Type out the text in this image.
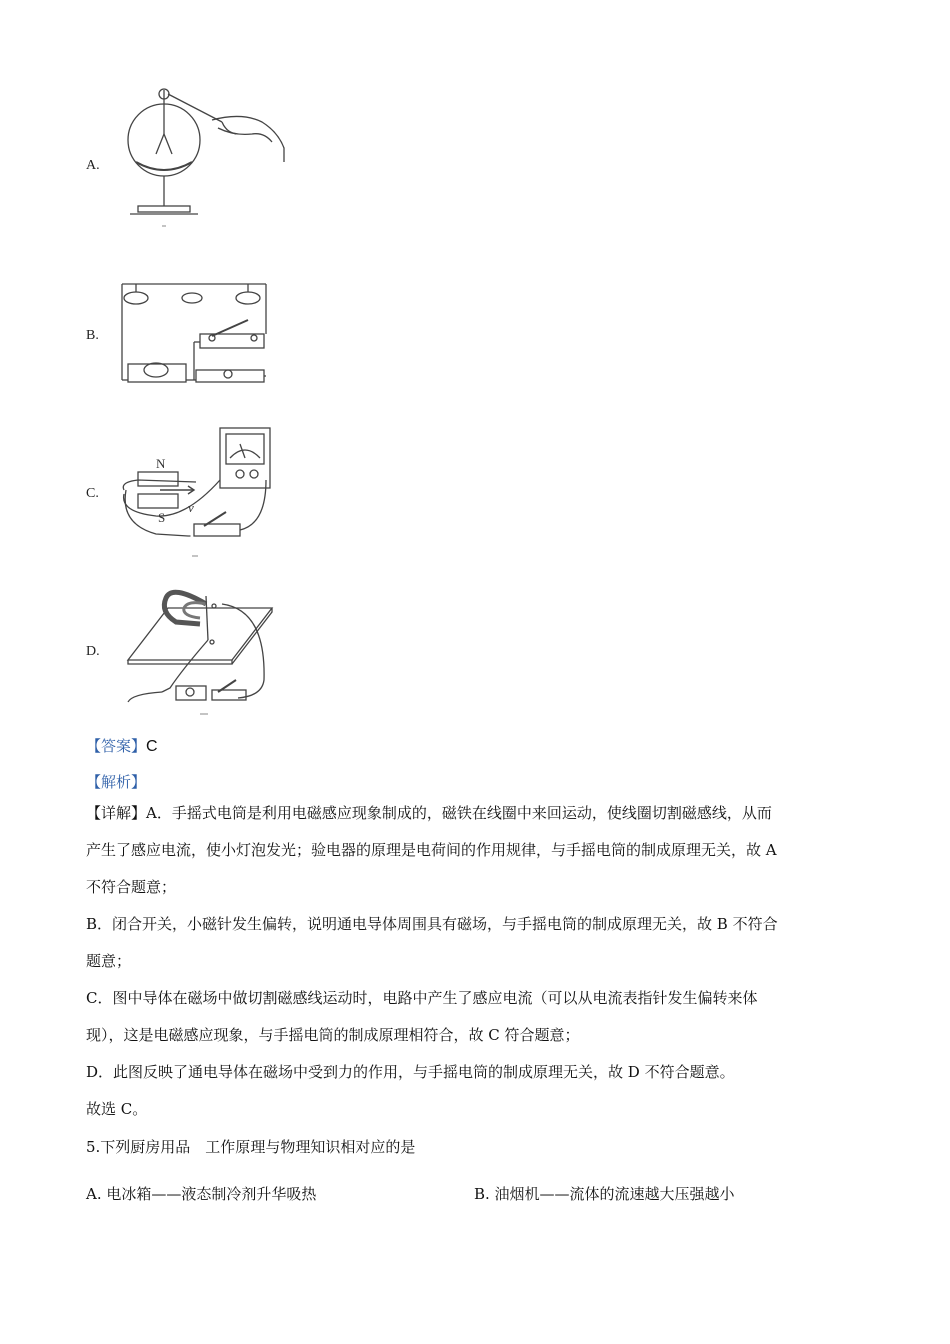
A.
B.
C.
N
S
v
D.
【答案】C
【解析】
【详解】A．手摇式电筒是利用电磁感应现象制成的，磁铁在线圈中来回运动，使线圈切割磁感线，从而
产生了感应电流，使小灯泡发光；验电器的原理是电荷间的作用规律，与手摇电筒的制成原理无关，故 A
不符合题意；
B．闭合开关，小磁针发生偏转，说明通电导体周围具有磁场，与手摇电筒的制成原理无关，故 B 不符合
题意；
C．图中导体在磁场中做切割磁感线运动时，电路中产生了感应电流（可以从电流表指针发生偏转来体
现），这是电磁感应现象，与手摇电筒的制成原理相符合，故 C 符合题意；
D．此图反映了通电导体在磁场中受到力的作用，与手摇电筒的制成原理无关，故 D 不符合题意。
故选 C。
5.下列厨房用品　工作原理与物理知识相对应的是
A. 电冰箱——液态制冷剂升华吸热	B. 油烟机——流体的流速越大压强越小
